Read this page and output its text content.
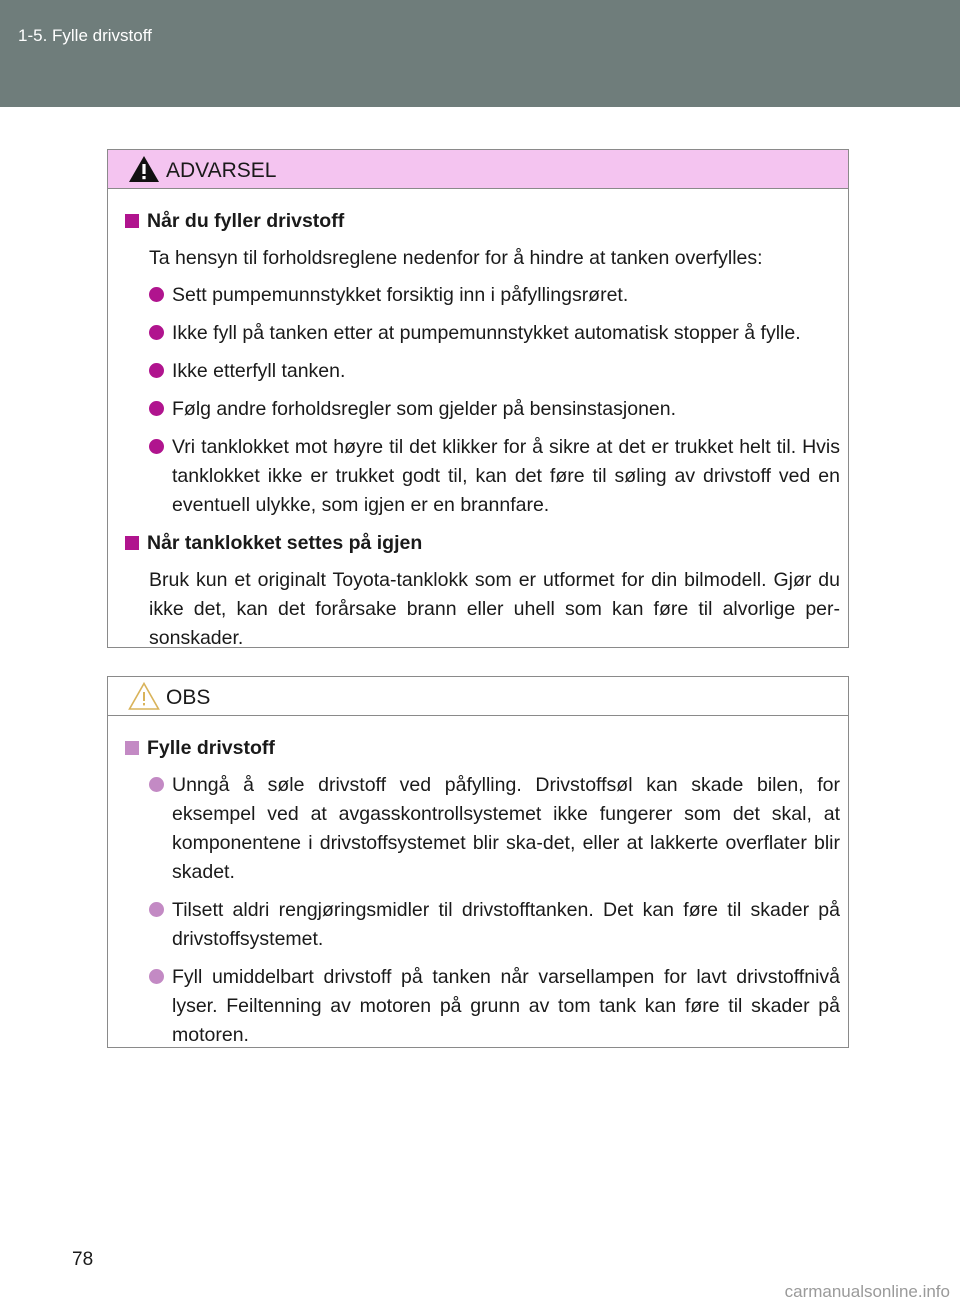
1-5. Fylle drivstoff
ADVARSEL
Når du fyller drivstoff
Ta hensyn til forholdsreglene nedenfor for å hindre at tanken overfylles:
Sett pumpemunnstykket forsiktig inn i påfyllingsrøret.
Ikke fyll på tanken etter at pumpemunnstykket automatisk stopper å fylle.
Ikke etterfyll tanken.
Følg andre forholdsregler som gjelder på bensinstasjonen.
Vri tanklokket mot høyre til det klikker for å sikre at det er trukket helt til. Hvis tanklokket ikke er trukket godt til, kan det føre til søling av drivstoff ved en eventuell ulykke, som igjen er en brannfare.
Når tanklokket settes på igjen
Bruk kun et originalt Toyota-tanklokk som er utformet for din bilmodell. Gjør du ikke det, kan det forårsake brann eller uhell som kan føre til alvorlige per-sonskader.
OBS
Fylle drivstoff
Unngå å søle drivstoff ved påfylling. Drivstoffsøl kan skade bilen, for eksempel ved at avgasskontrollsystemet ikke fungerer som det skal, at komponentene i drivstoffsystemet blir ska-det, eller at lakkerte overflater blir skadet.
Tilsett aldri rengjøringsmidler til drivstofftanken. Det kan føre til skader på drivstoffsystemet.
Fyll umiddelbart drivstoff på tanken når varsellampen for lavt drivstoffnivå lyser. Feiltenning av motoren på grunn av tom tank kan føre til skader på motoren.
78
carmanualsonline.info
